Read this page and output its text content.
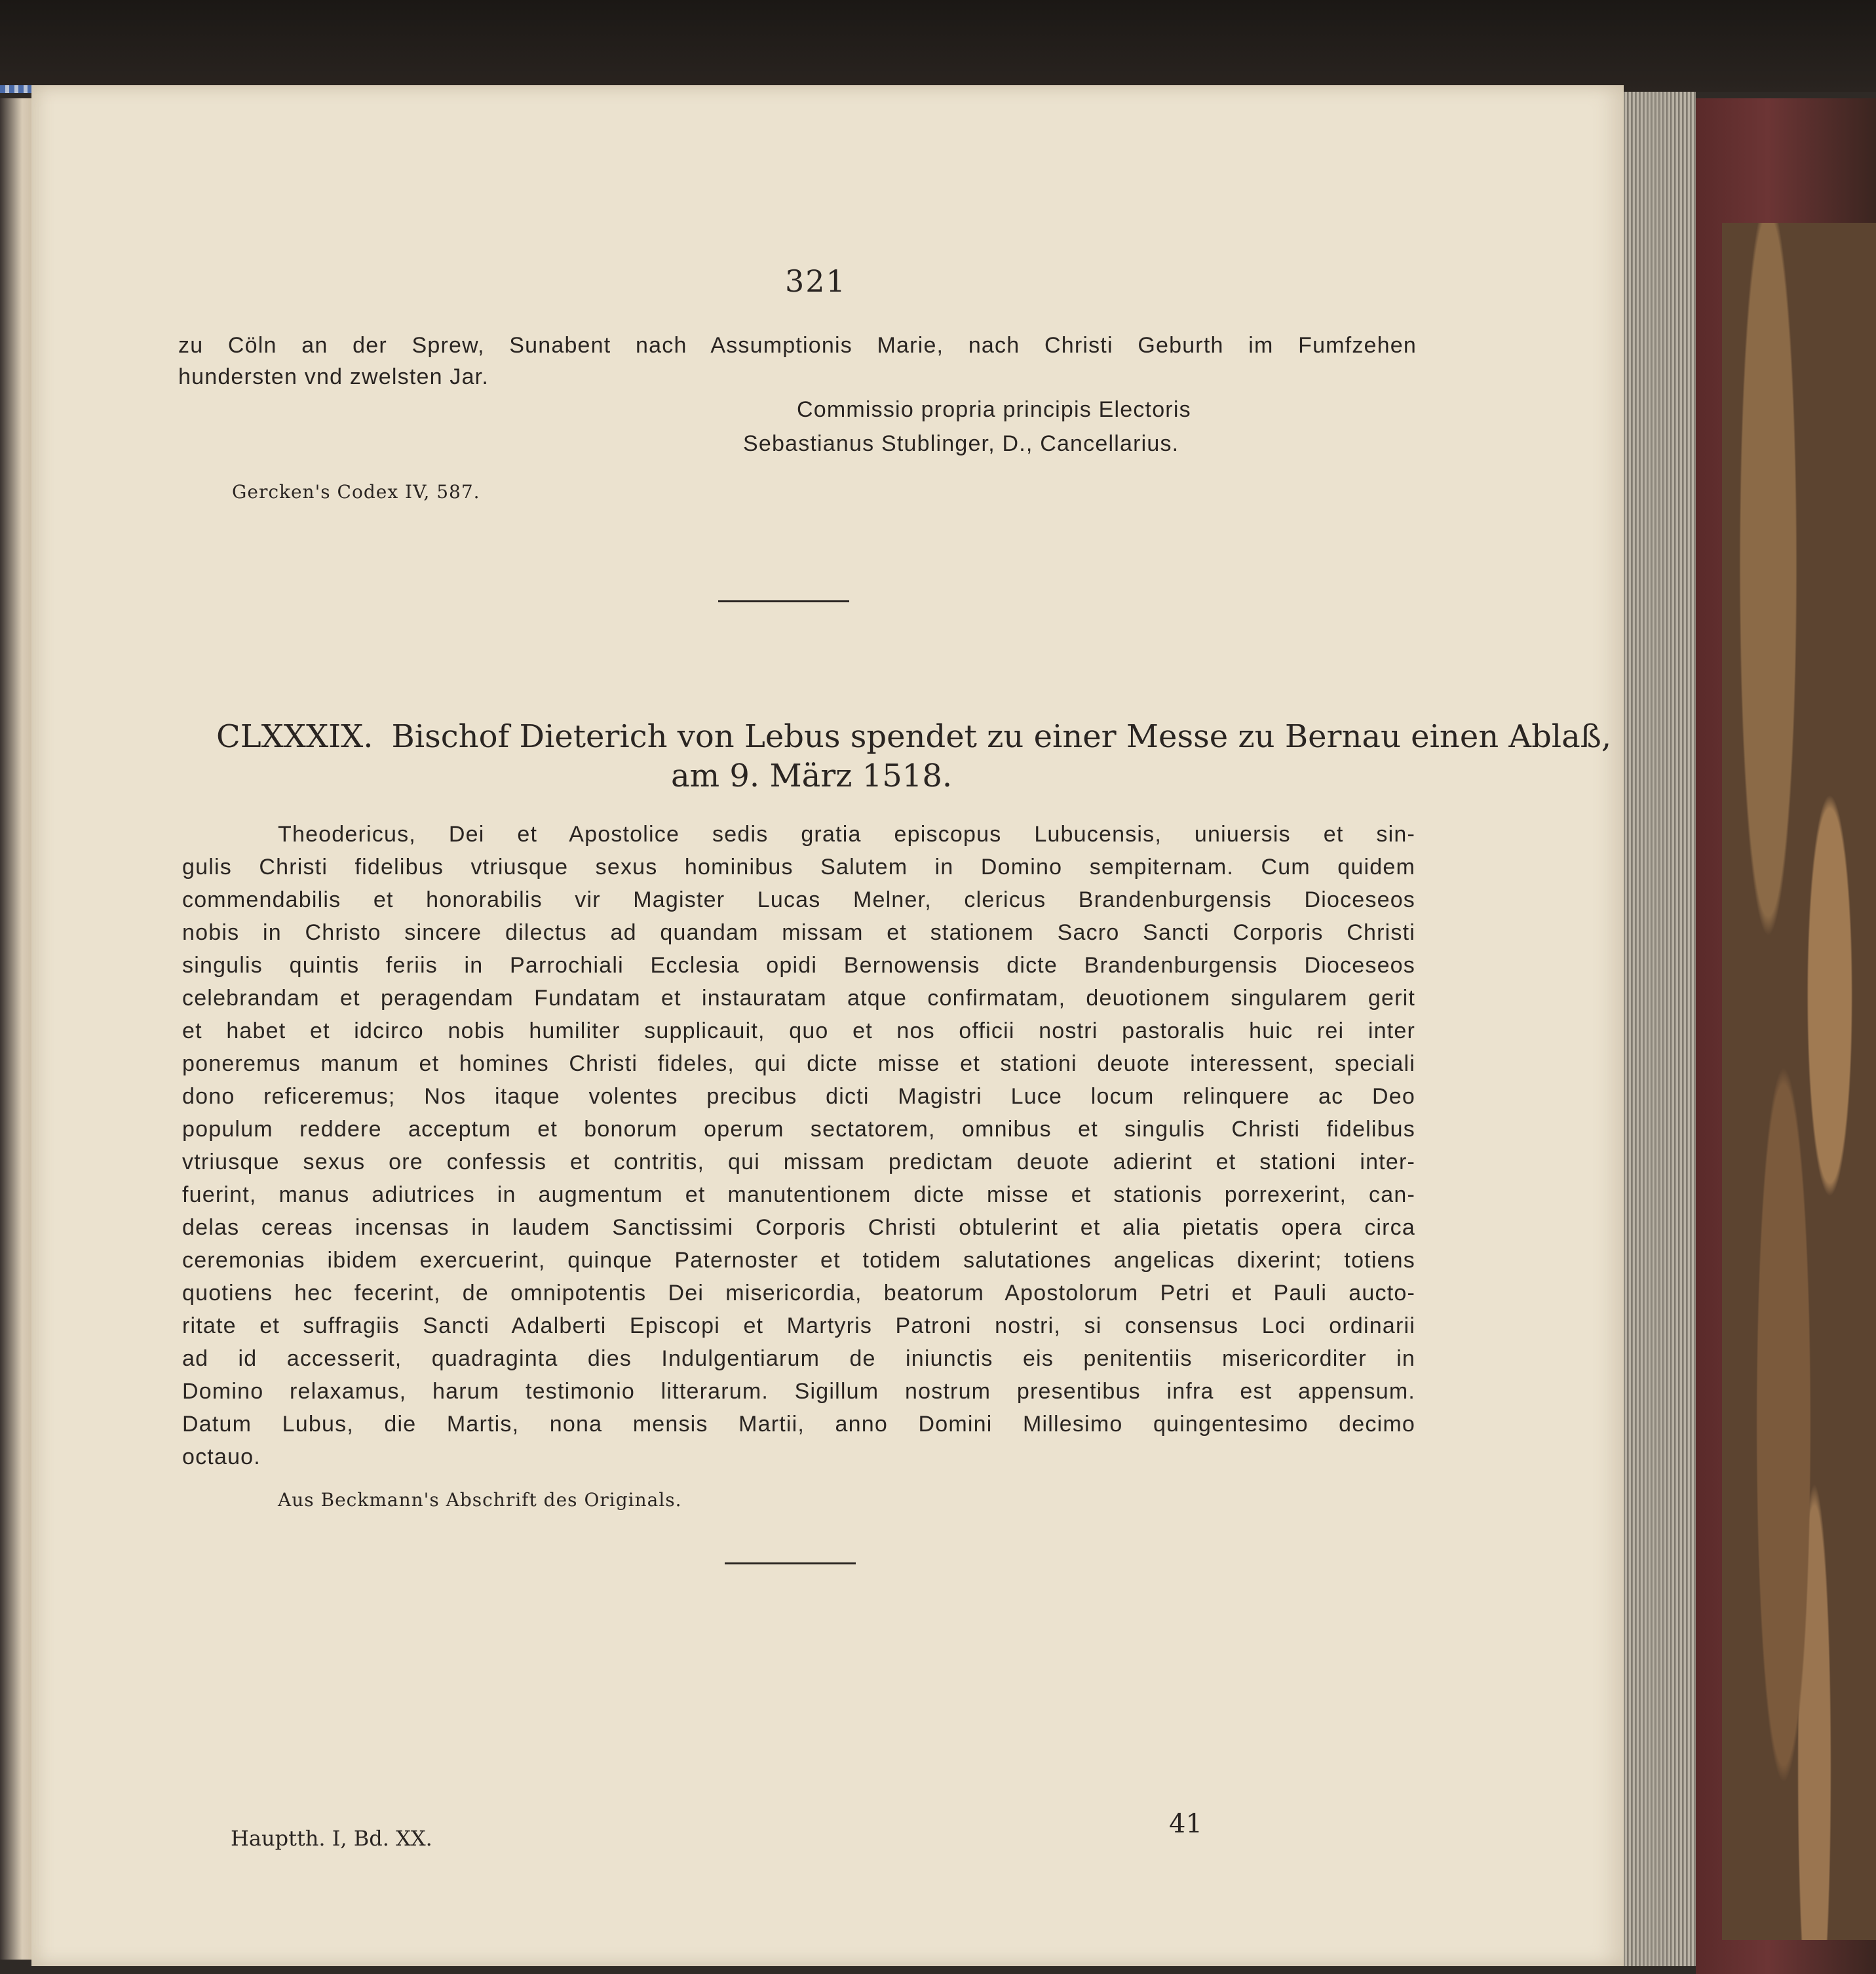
321
zu Cöln an der Sprew, Sunabent nach Assumptionis Marie, nach Christi Geburth im Fumfzehen
hundersten vnd zwelsten Jar.
Commissio propria principis Electoris
Sebastianus Stublinger, D., Cancellarius.
Gercken's Codex IV, 587.
CLXXXIX. Bischof Dieterich von Lebus spendet zu einer Messe zu Bernau einen Ablaß,
am 9. März 1518.
Theodericus, Dei et Apostolice sedis gratia episcopus Lubucensis, uniuersis et sin-
gulis Christi fidelibus vtriusque sexus hominibus Salutem in Domino sempiternam. Cum quidem
commendabilis et honorabilis vir Magister Lucas Melner, clericus Brandenburgensis Dioceseos
nobis in Christo sincere dilectus ad quandam missam et stationem Sacro Sancti Corporis Christi
singulis quintis feriis in Parrochiali Ecclesia opidi Bernowensis dicte Brandenburgensis Dioceseos
celebrandam et peragendam Fundatam et instauratam atque confirmatam, deuotionem singularem gerit
et habet et idcirco nobis humiliter supplicauit, quo et nos officii nostri pastoralis huic rei inter
poneremus manum et homines Christi fideles, qui dicte misse et stationi deuote interessent, speciali
dono reficeremus; Nos itaque volentes precibus dicti Magistri Luce locum relinquere ac Deo
populum reddere acceptum et bonorum operum sectatorem, omnibus et singulis Christi fidelibus
vtriusque sexus ore confessis et contritis, qui missam predictam deuote adierint et stationi inter-
fuerint, manus adiutrices in augmentum et manutentionem dicte misse et stationis porrexerint, can-
delas cereas incensas in laudem Sanctissimi Corporis Christi obtulerint et alia pietatis opera circa
ceremonias ibidem exercuerint, quinque Paternoster et totidem salutationes angelicas dixerint; totiens
quotiens hec fecerint, de omnipotentis Dei misericordia, beatorum Apostolorum Petri et Pauli aucto-
ritate et suffragiis Sancti Adalberti Episcopi et Martyris Patroni nostri, si consensus Loci ordinarii
ad id accesserit, quadraginta dies Indulgentiarum de iniunctis eis penitentiis misericorditer in
Domino relaxamus, harum testimonio litterarum. Sigillum nostrum presentibus infra est appensum.
Datum Lubus, die Martis, nona mensis Martii, anno Domini Millesimo quingentesimo decimo
octauo.
Aus Beckmann's Abschrift des Originals.
Hauptth. I, Bd. XX.	41
